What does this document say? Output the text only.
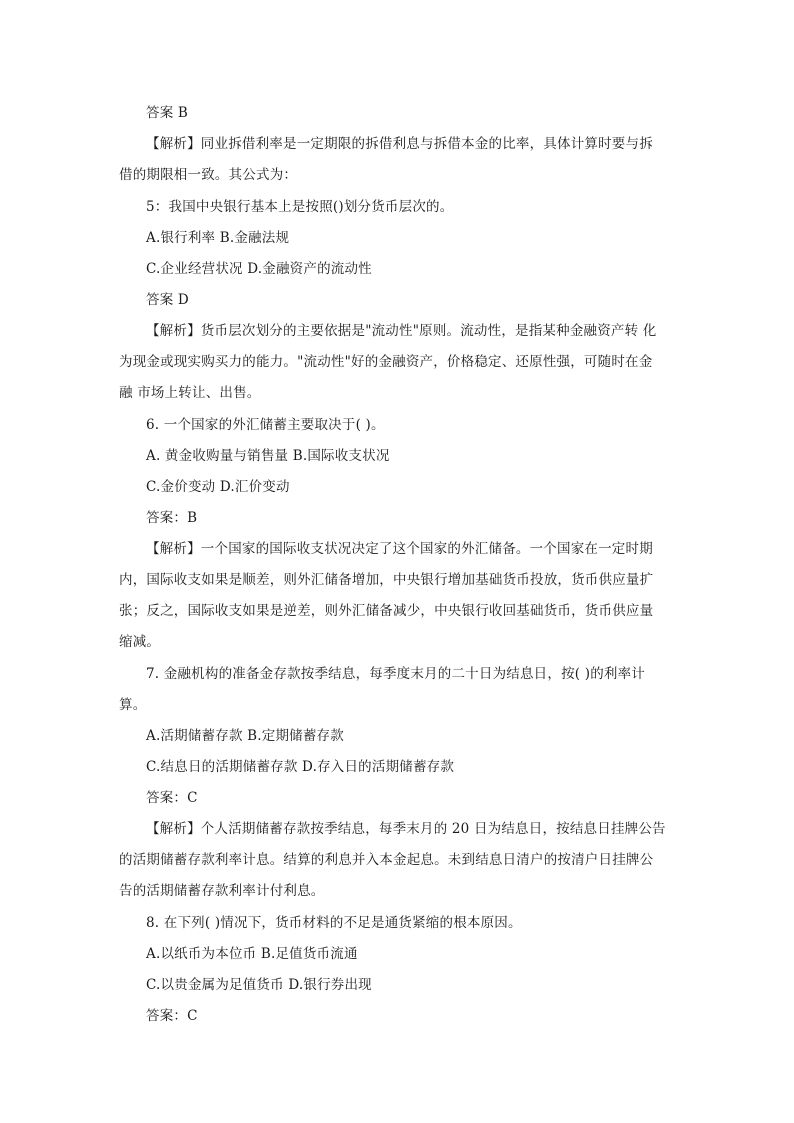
答案 B
【解析】同业拆借利率是一定期限的拆借利息与拆借本金的比率，具体计算时要与拆
借的期限相一致。其公式为：
5：我国中央银行基本上是按照()划分货币层次的。
A.银行利率 B.金融法规
C.企业经营状况 D.金融资产的流动性
答案 D
【解析】货币层次划分的主要依据是"流动性"原则。流动性，是指某种金融资产转 化
为现金或现实购买力的能力。"流动性"好的金融资产，价格稳定、还原性强，可随时在金
融 市场上转让、出售。
6. 一个国家的外汇储蓄主要取决于( )。
A. 黄金收购量与销售量 B.国际收支状况
C.金价变动 D.汇价变动
答案：B
【解析】一个国家的国际收支状况决定了这个国家的外汇储备。一个国家在一定时期
内，国际收支如果是顺差，则外汇储备增加，中央银行增加基础货币投放，货币供应量扩
张；反之，国际收支如果是逆差，则外汇储备减少，中央银行收回基础货币，货币供应量
缩减。
7. 金融机构的准备金存款按季结息，每季度末月的二十日为结息日，按( )的利率计
算。
A.活期储蓄存款 B.定期储蓄存款
C.结息日的活期储蓄存款 D.存入日的活期储蓄存款
答案：C
【解析】个人活期储蓄存款按季结息，每季末月的 20 日为结息日，按结息日挂牌公告
的活期储蓄存款利率计息。结算的利息并入本金起息。未到结息日清户的按清户日挂牌公
告的活期储蓄存款利率计付利息。
8. 在下列( )情况下，货币材料的不足是通货紧缩的根本原因。
A.以纸币为本位币 B.足值货币流通
C.以贵金属为足值货币 D.银行券出现
答案：C
